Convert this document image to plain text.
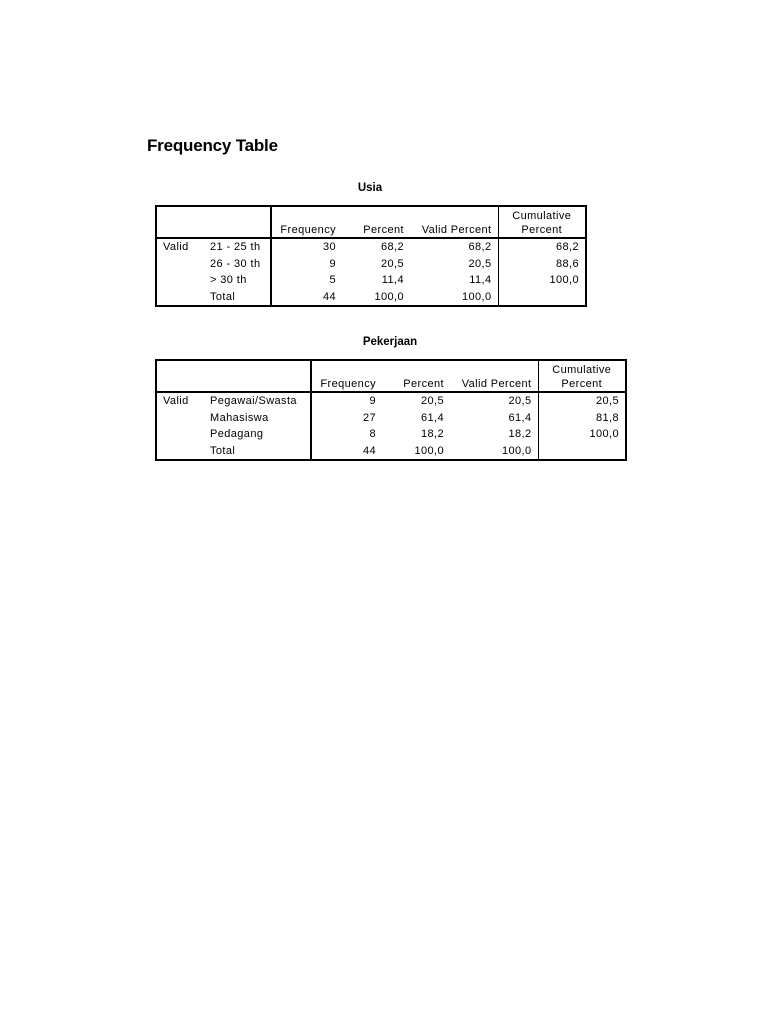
Frequency Table
Usia
		Frequency	Percent	Valid Percent	Cumulative
Percent
Valid	21 - 25 th	30	68,2	68,2	68,2
	26 - 30 th	9	20,5	20,5	88,6
	> 30 th	5	11,4	11,4	100,0
	Total	44	100,0	100,0	
Pekerjaan
		Frequency	Percent	Valid Percent	Cumulative
Percent
Valid	Pegawai/Swasta	9	20,5	20,5	20,5
	Mahasiswa	27	61,4	61,4	81,8
	Pedagang	8	18,2	18,2	100,0
	Total	44	100,0	100,0	
